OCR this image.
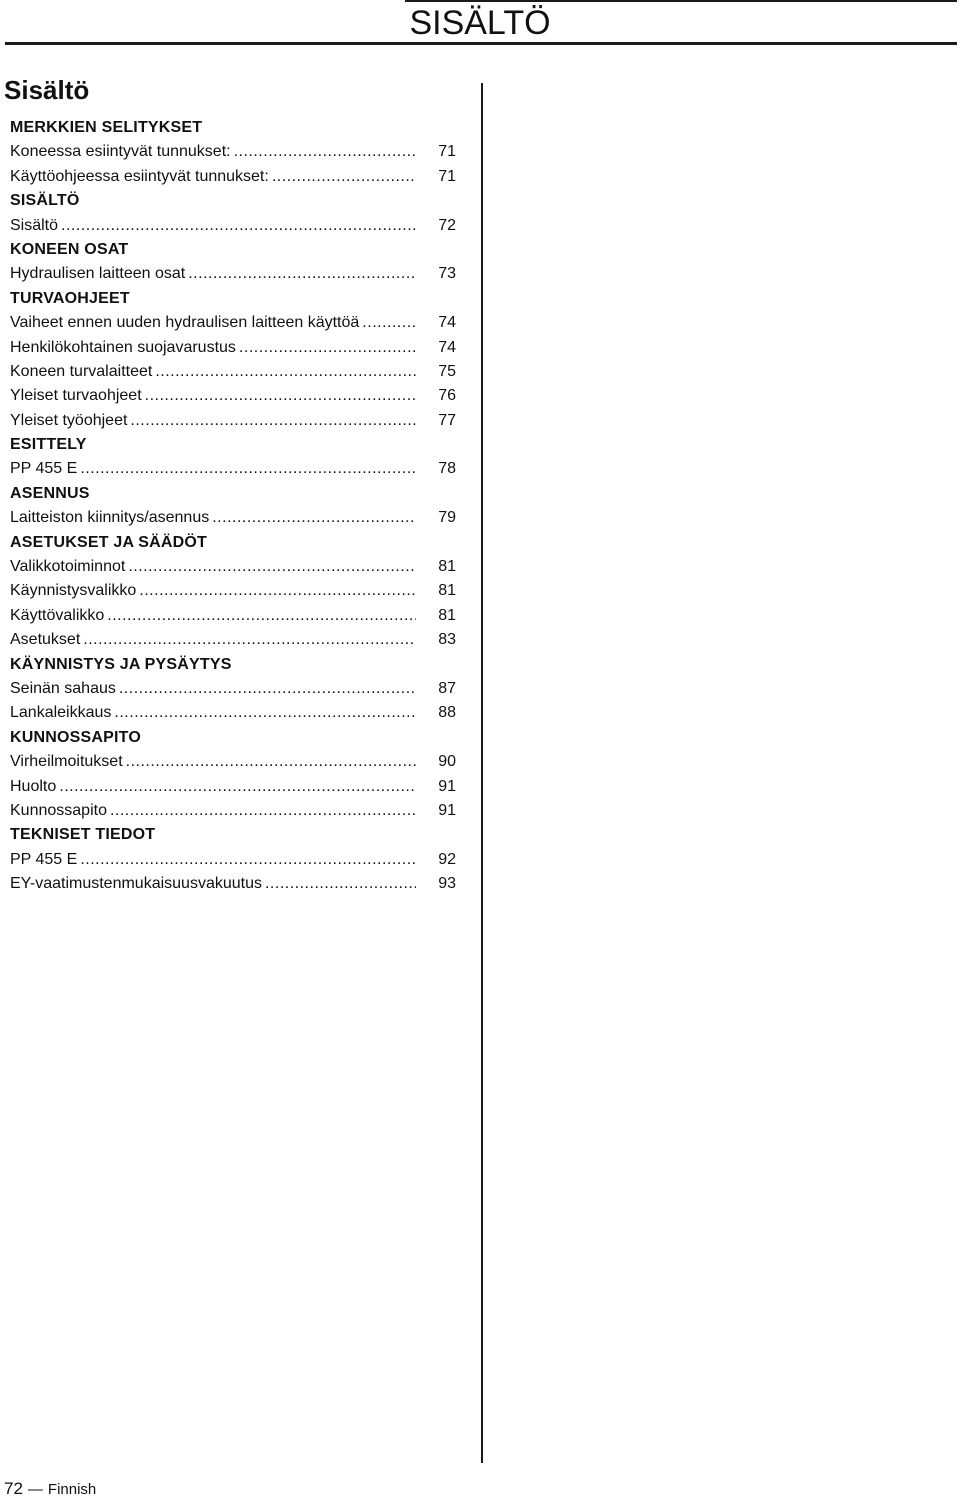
SISÄLTÖ
Sisältö
MERKKIEN SELITYKSET
Koneessa esiintyvät tunnukset: .....	71
Käyttöohjeessa esiintyvät tunnukset: .....	71
SISÄLTÖ
Sisältö .....	72
KONEEN OSAT
Hydraulisen laitteen osat .....	73
TURVAOHJEET
Vaiheet ennen uuden hydraulisen laitteen käyttöä .....	74
Henkilökohtainen suojavarustus .....	74
Koneen turvalaitteet .....	75
Yleiset turvaohjeet .....	76
Yleiset työohjeet .....	77
ESITTELY
PP 455 E .....	78
ASENNUS
Laitteiston kiinnitys/asennus .....	79
ASETUKSET JA SÄÄDÖT
Valikkotoiminnot .....	81
Käynnistysvalikko .....	81
Käyttövalikko .....	81
Asetukset .....	83
KÄYNNISTYS JA PYSÄYTYS
Seinän sahaus .....	87
Lankaleikkaus .....	88
KUNNOSSAPITO
Virheilmoitukset .....	90
Huolto .....	91
Kunnossapito .....	91
TEKNISET TIEDOT
PP 455 E .....	92
EY-vaatimustenmukaisuusvakuutus .....	93
72 — Finnish
